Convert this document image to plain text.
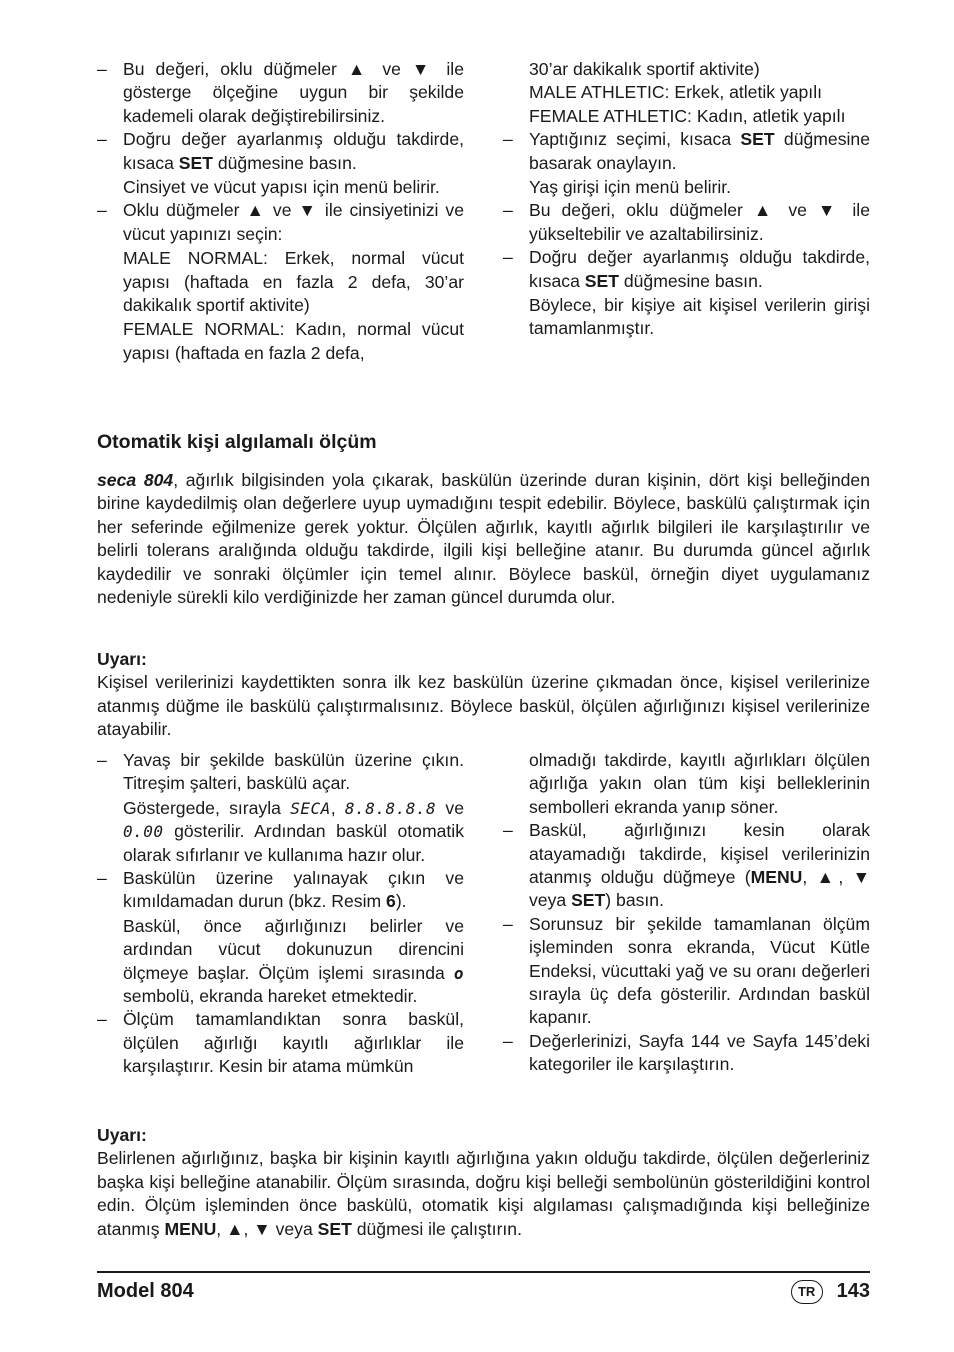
– Bu değeri, oklu düğmeler ▲ ve ▼ ile gösterge ölçeğine uygun bir şekilde kademeli olarak değiştirebilirsiniz.

– Doğru değer ayarlanmış olduğu takdirde, kısaca SET düğmesine basın.

Cinsiyet ve vücut yapısı için menü belirir.

– Oklu düğmeler ▲ ve ▼ ile cinsiyetinizi ve vücut yapınızı seçin:

MALE NORMAL: Erkek, normal vücut yapısı (haftada en fazla 2 defa, 30’ar dakikalık sportif aktivite)

FEMALE NORMAL: Kadın, normal vücut yapısı (haftada en fazla 2 defa,

30’ar dakikalık sportif aktivite)

MALE ATHLETIC: Erkek, atletik yapılı

FEMALE ATHLETIC: Kadın, atletik yapılı

– Yaptığınız seçimi, kısaca SET düğmesine basarak onaylayın.

Yaş girişi için menü belirir.

– Bu değeri, oklu düğmeler ▲ ve ▼ ile yükseltebilir ve azaltabilirsiniz.

– Doğru değer ayarlanmış olduğu takdirde, kısaca SET düğmesine basın.

Böylece, bir kişiye ait kişisel verilerin girişi tamamlanmıştır.

Otomatik kişi algılamalı ölçüm
seca 804, ağırlık bilgisinden yola çıkarak, baskülün üzerinde duran kişinin, dört kişi belleğinden birine kaydedilmiş olan değerlere uyup uymadığını tespit edebilir. Böylece, baskülü çalıştırmak için her seferinde eğilmenize gerek yoktur. Ölçülen ağırlık, kayıtlı ağırlık bilgileri ile karşılaştırılır ve belirli tolerans aralığında olduğu takdirde, ilgili kişi belleğine atanır. Bu durumda güncel ağırlık kaydedilir ve sonraki ölçümler için temel alınır. Böylece baskül, örneğin diyet uygulamanız nedeniyle sürekli kilo verdiğinizde her zaman güncel durumda olur.
Uyarı:
Kişisel verilerinizi kaydettikten sonra ilk kez baskülün üzerine çıkmadan önce, kişisel verilerinize atanmış düğme ile baskülü çalıştırmalısınız. Böylece baskül, ölçülen ağırlığınızı kişisel verilerinize atayabilir.
– Yavaş bir şekilde baskülün üzerine çıkın. Titreşim şalteri, baskülü açar.

Göstergede, sırayla SECA, 8.8.8.8.8 ve 0.00 gösterilir. Ardından baskül otomatik olarak sıfırlanır ve kullanıma hazır olur.

– Baskülün üzerine yalınayak çıkın ve kımıldamadan durun (bkz. Resim 6).

Baskül, önce ağırlığınızı belirler ve ardından vücut dokunuzun direncini ölçmeye başlar. Ölçüm işlemi sırasında o sembolü, ekranda hareket etmektedir.

– Ölçüm tamamlandıktan sonra baskül, ölçülen ağırlığı kayıtlı ağırlıklar ile karşılaştırır. Kesin bir atama mümkün

olmadığı takdirde, kayıtlı ağırlıkları ölçülen ağırlığa yakın olan tüm kişi belleklerinin sembolleri ekranda yanıp söner.

– Baskül, ağırlığınızı kesin olarak atayamadığı takdirde, kişisel verilerinizin atanmış olduğu düğmeye (MENU, ▲, ▼ veya SET) basın.

– Sorunsuz bir şekilde tamamlanan ölçüm işleminden sonra ekranda, Vücut Kütle Endeksi, vücuttaki yağ ve su oranı değerleri sırayla üç defa gösterilir. Ardından baskül kapanır.

– Değerlerinizi, Sayfa 144 ve Sayfa 145’deki kategoriler ile karşılaştırın.

Uyarı:
Belirlenen ağırlığınız, başka bir kişinin kayıtlı ağırlığına yakın olduğu takdirde, ölçülen değerleriniz başka kişi belleğine atanabilir. Ölçüm sırasında, doğru kişi belleği sembolünün gösterildiğini kontrol edin. Ölçüm işleminden önce baskülü, otomatik kişi algılaması çalışmadığında kişi belleğinize atanmış MENU, ▲, ▼ veya SET düğmesi ile çalıştırın.
Model 804	TR	143
